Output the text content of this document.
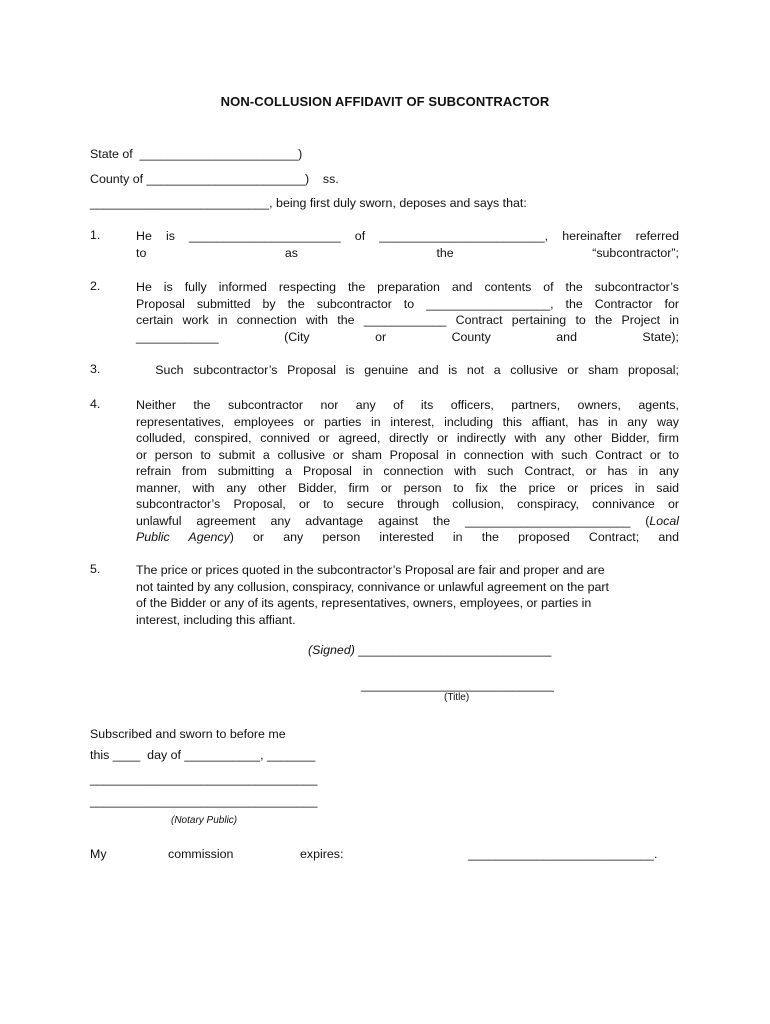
NON-COLLUSION AFFIDAVIT OF SUBCONTRACTOR
State of  _______________________)
County of _______________________)    ss.
__________________________, being first duly sworn, deposes and says that:
1.	He is ______________________ of ________________________, hereinafter referred
to	as	the	“subcontractor”;
2.	He is fully informed respecting the preparation and contents of the subcontractor’s
Proposal submitted by the subcontractor to __________________, the Contractor for
certain work in connection with the ____________ Contract pertaining to the Project in
____________	(City	or	County	and	State);
3.	Such subcontractor’s Proposal is genuine and is not a collusive or sham proposal;
4.	Neither the subcontractor nor any of its officers, partners, owners, agents,
representatives, employees or parties in interest, including this affiant, has in any way
colluded, conspired, connived or agreed, directly or indirectly with any other Bidder, firm
or person to submit a collusive or sham Proposal in connection with such Contract or to
refrain from submitting a Proposal in connection with such Contract, or has in any
manner, with any other Bidder, firm or person to fix the price or prices in said
subcontractor’s Proposal, or to secure through collusion, conspiracy, connivance or
unlawful agreement any advantage against the ________________________ (Local
Public Agency) or any person interested in the proposed Contract; and
5.	The price or prices quoted in the subcontractor’s Proposal are fair and proper and are
not tainted by any collusion, conspiracy, connivance or unlawful agreement on the part
of the Bidder or any of its agents, representatives, owners, employees, or parties in
interest, including this affiant.
(Signed) ____________________________
____________________________
(Title)
Subscribed and sworn to before me
this ____  day of ___________, _______
_________________________________
_________________________________
(Notary Public)
My	commission	expires:	___________________________.
